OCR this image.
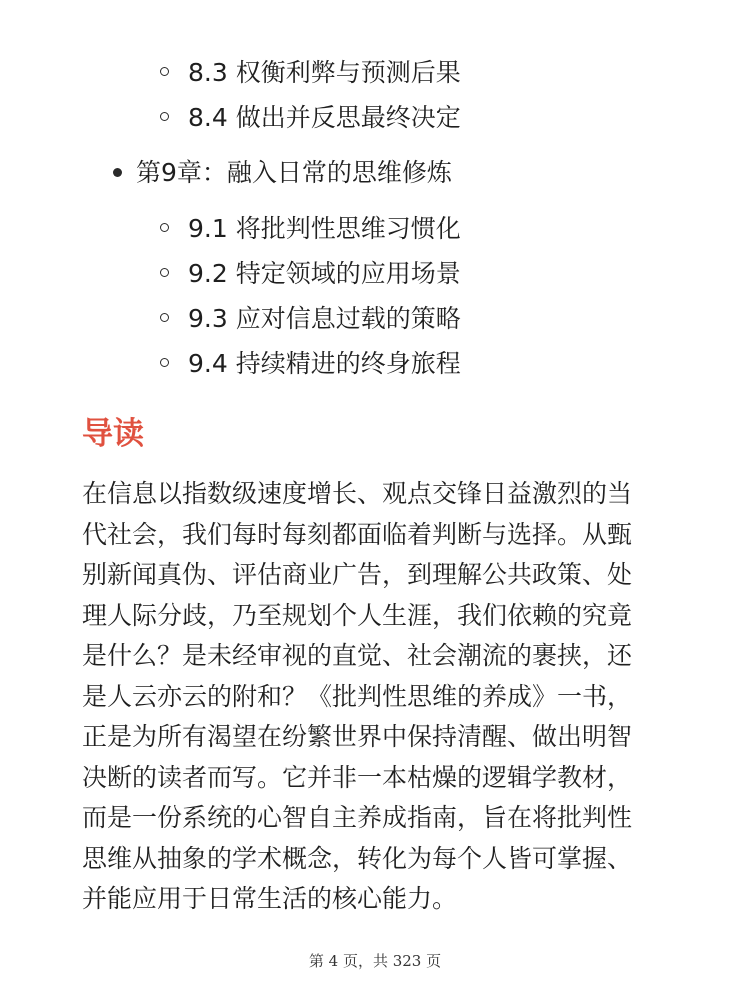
8.3 权衡利弊与预测后果
8.4 做出并反思最终决定
第9章：融入日常的思维修炼
9.1 将批判性思维习惯化
9.2 特定领域的应用场景
9.3 应对信息过载的策略
9.4 持续精进的终身旅程
导读

在信息以指数级速度增长、观点交锋日益激烈的当
代社会，我们每时每刻都面临着判断与选择。从甄
别新闻真伪、评估商业广告，到理解公共政策、处
理人际分歧，乃至规划个人生涯，我们依赖的究竟
是什么？是未经审视的直觉、社会潮流的裹挟，还
是人云亦云的附和？《批判性思维的养成》一书，
正是为所有渴望在纷繁世界中保持清醒、做出明智
决断的读者而写。它并非一本枯燥的逻辑学教材，
而是一份系统的心智自主养成指南，旨在将批判性
思维从抽象的学术概念，转化为每个人皆可掌握、
并能应用于日常生活的核心能力。

第 4 页，共 323 页
